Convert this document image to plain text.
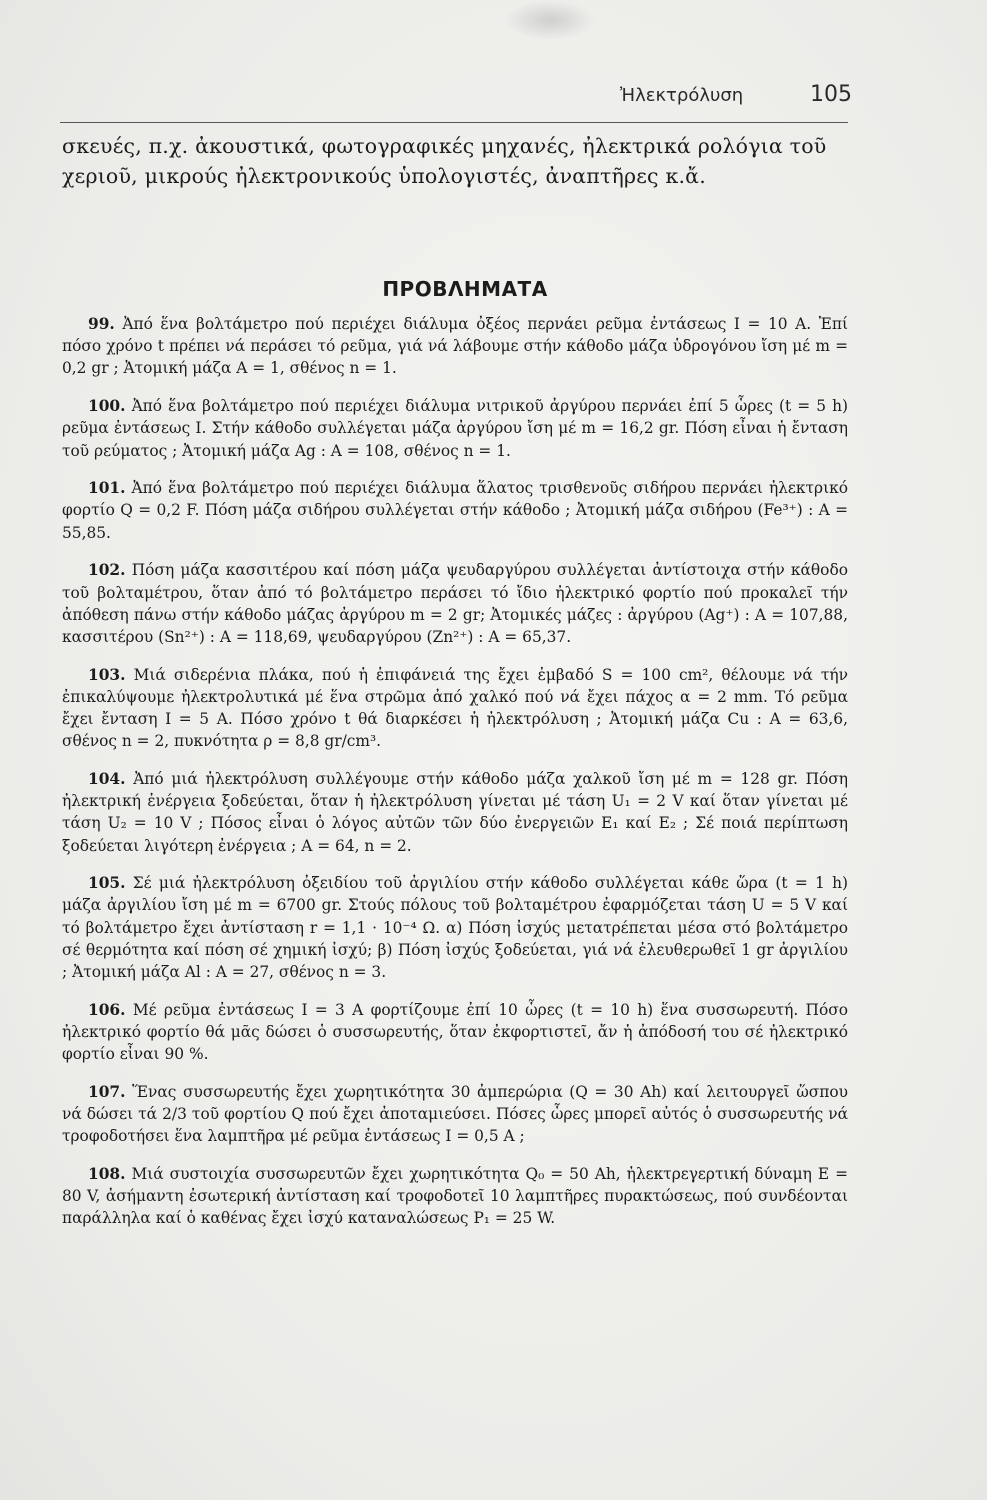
Ἠλεκτρόλυση	105

σκευές, π.χ. ἀκουστικά, φωτογραφικές μηχανές, ἠλεκτρικά ρολόγια τοῦ χεριοῦ, μικρούς ἠλεκτρονικούς ὑπολογιστές, ἀναπτῆρες κ.ἄ.

ΠΡΟΒΛΗΜΑΤΑ

99. Ἀπό ἕνα βολτάμετρο πού περιέχει διάλυμα ὀξέος περνάει ρεῦμα ἐντάσεως I = 10 A. Ἐπί πόσο χρόνο t πρέπει νά περάσει τό ρεῦμα, γιά νά λάβουμε στήν κάθοδο μάζα ὑδρογόνου ἴση μέ m = 0,2 gr ; Ἀτομική μάζα A = 1, σθένος n = 1.

100. Ἀπό ἕνα βολτάμετρο πού περιέχει διάλυμα νιτρικοῦ ἀργύρου περνάει ἐπί 5 ὧρες (t = 5 h) ρεῦμα ἐντάσεως I. Στήν κάθοδο συλλέγεται μάζα ἀργύρου ἴση μέ m = 16,2 gr. Πόση εἶναι ἡ ἔνταση τοῦ ρεύματος ; Ἀτομική μάζα Ag : A = 108, σθένος n = 1.

101. Ἀπό ἕνα βολτάμετρο πού περιέχει διάλυμα ἅλατος τρισθενοῦς σιδήρου περνάει ἠλεκτρικό φορτίο Q = 0,2 F. Πόση μάζα σιδήρου συλλέγεται στήν κάθοδο ; Ἀτομική μάζα σιδήρου (Fe³⁺) : A = 55,85.

102. Πόση μάζα κασσιτέρου καί πόση μάζα ψευδαργύρου συλλέγεται ἀντίστοιχα στήν κάθοδο τοῦ βολταμέτρου, ὅταν ἀπό τό βολτάμετρο περάσει τό ἴδιο ἠλεκτρικό φορτίο πού προκαλεῖ τήν ἀπόθεση πάνω στήν κάθοδο μάζας ἀργύρου m = 2 gr; Ἀτομικές μάζες : ἀργύρου (Ag⁺) : A = 107,88, κασσιτέρου (Sn²⁺) : A = 118,69, ψευδαργύρου (Zn²⁺) : A = 65,37.

103. Μιά σιδερένια πλάκα, πού ἡ ἐπιφάνειά της ἔχει ἐμβαδό S = 100 cm², θέλουμε νά τήν ἐπικαλύψουμε ἠλεκτρολυτικά μέ ἕνα στρῶμα ἀπό χαλκό πού νά ἔχει πάχος α = 2 mm. Τό ρεῦμα ἔχει ἔνταση I = 5 A. Πόσο χρόνο t θά διαρκέσει ἡ ἠλεκτρόλυση ; Ἀτομική μάζα Cu : A = 63,6, σθένος n = 2, πυκνότητα ρ = 8,8 gr/cm³.

104. Ἀπό μιά ἠλεκτρόλυση συλλέγουμε στήν κάθοδο μάζα χαλκοῦ ἴση μέ m = 128 gr. Πόση ἠλεκτρική ἐνέργεια ξοδεύεται, ὅταν ἡ ἠλεκτρόλυση γίνεται μέ τάση U₁ = 2 V καί ὅταν γίνεται μέ τάση U₂ = 10 V ; Πόσος εἶναι ὁ λόγος αὐτῶν τῶν δύο ἐνεργειῶν E₁ καί E₂ ; Σέ ποιά περίπτωση ξοδεύεται λιγότερη ἐνέργεια ; A = 64, n = 2.

105. Σέ μιά ἠλεκτρόλυση ὀξειδίου τοῦ ἀργιλίου στήν κάθοδο συλλέγεται κάθε ὥρα (t = 1 h) μάζα ἀργιλίου ἴση μέ m = 6700 gr. Στούς πόλους τοῦ βολταμέτρου ἐφαρμόζεται τάση U = 5 V καί τό βολτάμετρο ἔχει ἀντίσταση r = 1,1 · 10⁻⁴ Ω. α) Πόση ἰσχύς μετατρέπεται μέσα στό βολτάμετρο σέ θερμότητα καί πόση σέ χημική ἰσχύ; β) Πόση ἰσχύς ξοδεύεται, γιά νά ἐλευθερωθεῖ 1 gr ἀργιλίου ; Ἀτομική μάζα Al : A = 27, σθένος n = 3.

106. Μέ ρεῦμα ἐντάσεως I = 3 A φορτίζουμε ἐπί 10 ὧρες (t = 10 h) ἕνα συσσωρευτή. Πόσο ἠλεκτρικό φορτίο θά μᾶς δώσει ὁ συσσωρευτής, ὅταν ἐκφορτιστεῖ, ἄν ἡ ἀπόδοσή του σέ ἠλεκτρικό φορτίο εἶναι 90 %.

107. Ἕνας συσσωρευτής ἔχει χωρητικότητα 30 ἀμπερώρια (Q = 30 Ah) καί λειτουργεῖ ὥσπου νά δώσει τά 2/3 τοῦ φορτίου Q πού ἔχει ἀποταμιεύσει. Πόσες ὧρες μπορεῖ αὐτός ὁ συσσωρευτής νά τροφοδοτήσει ἕνα λαμπτῆρα μέ ρεῦμα ἐντάσεως I = 0,5 A ;

108. Μιά συστοιχία συσσωρευτῶν ἔχει χωρητικότητα Q₀ = 50 Ah, ἠλεκτρεγερτική δύναμη E = 80 V, ἀσήμαντη ἐσωτερική ἀντίσταση καί τροφοδοτεῖ 10 λαμπτῆρες πυρακτώσεως, πού συνδέονται παράλληλα καί ὁ καθένας ἔχει ἰσχύ καταναλώσεως P₁ = 25 W.
